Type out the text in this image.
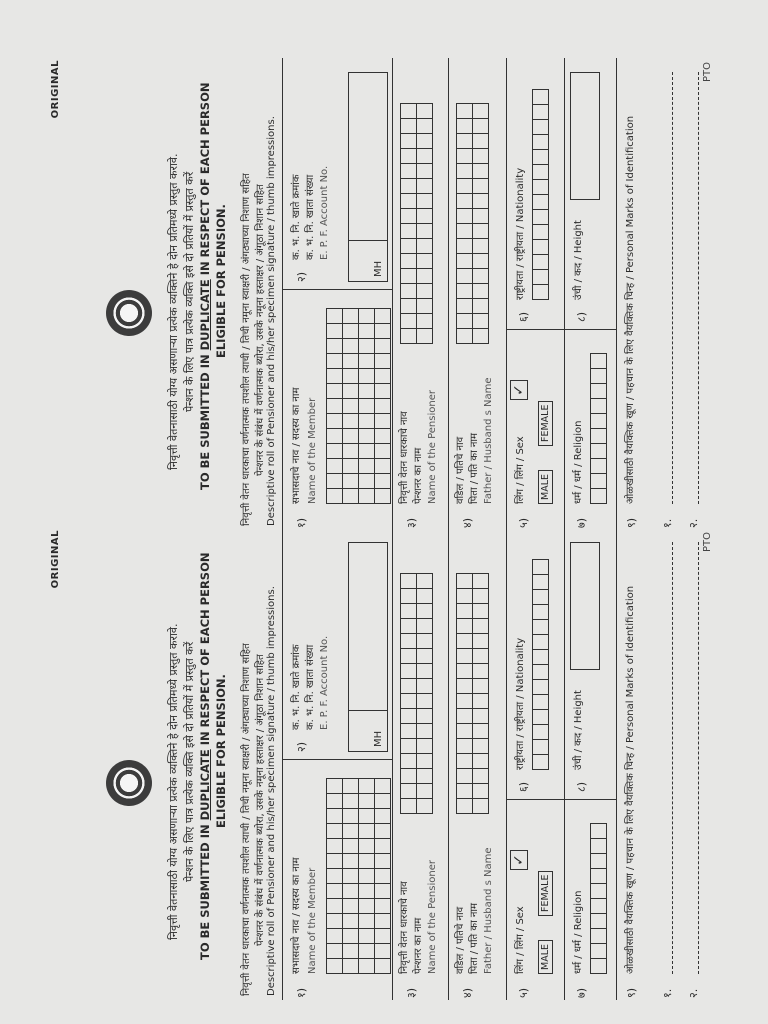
ORIGINAL
निवृत्ती वेतनासाठी योग्य असणाऱ्या प्रत्येक व्यक्तिने हे दोन प्रतिमध्ये प्रस्तुत करावे. पेन्शन के लिए पात्र प्रत्येक व्यक्ति इसे दो प्रतियों में प्रस्तुत करें
TO BE SUBMITTED IN DUPLICATE IN RESPECT OF EACH PERSON
ELIGIBLE FOR PENSION.	निवृत्ती वेतन धारकाचा वर्णनात्मक तपशील त्याची / तिची नमूना स्वाक्षरी / अंगठ्याच्या निशाण सहित पेन्शनर के संबंध में वर्णनात्मक ब्योरा, उसके नमूना हस्ताक्षर / अंगूठा निशान सहित Descriptive roll of Pensioner and his/her specimen signature / thumb impressions. १)
सभासदाचे नाव / सदस्य का नाम Name of the Member
२)
क. भ. नि. खाते क्रमांक क. भ. नि. खाता संख्या E. P. F. Account No.
MH
३)
निवृत्ती वेतन धारकाचे नाव पेन्शनर का नाम Name of the Pensioner
४)
वडिल / पतिचे नाव पिता / पति का नाम Father / Husband s Name
५)
लिंग / लिंग / Sex
✓
MALE
FEMALE
६)
राष्ट्रीयता / राष्ट्रीयता / Nationality
७)
धर्म / धर्म / Religion
८)
उंची / कद / Height
९)
ओळखीसाठी वैयक्तिक खूण / पहचान के लिए वैयक्तिक चिन्ह / Personal Marks of Identification
१. २.
PTO
ORIGINAL
निवृत्ती वेतनासाठी योग्य असणाऱ्या प्रत्येक व्यक्तिने हे दोन प्रतिमध्ये प्रस्तुत करावे. पेन्शन के लिए पात्र प्रत्येक व्यक्ति इसे दो प्रतियों में प्रस्तुत करें
TO BE SUBMITTED IN DUPLICATE IN RESPECT OF EACH PERSON
ELIGIBLE FOR PENSION.	निवृत्ती वेतन धारकाचा वर्णनात्मक तपशील त्याची / तिची नमूना स्वाक्षरी / अंगठ्याच्या निशाण सहित पेन्शनर के संबंध में वर्णनात्मक ब्योरा, उसके नमूना हस्ताक्षर / अंगूठा निशान सहित Descriptive roll of Pensioner and his/her specimen signature / thumb impressions. १)
सभासदाचे नाव / सदस्य का नाम Name of the Member
२)
क. भ. नि. खाते क्रमांक क. भ. नि. खाता संख्या E. P. F. Account No.
MH
३)
निवृत्ती वेतन धारकाचे नाव पेन्शनर का नाम Name of the Pensioner
४)
वडिल / पतिचे नाव पिता / पति का नाम Father / Husband s Name
५)
लिंग / लिंग / Sex
✓
MALE
FEMALE
६)
राष्ट्रीयता / राष्ट्रीयता / Nationality
७)
धर्म / धर्म / Religion
८)
उंची / कद / Height
९)
ओळखीसाठी वैयक्तिक खूण / पहचान के लिए वैयक्तिक चिन्ह / Personal Marks of Identification
१. २.
PTO
